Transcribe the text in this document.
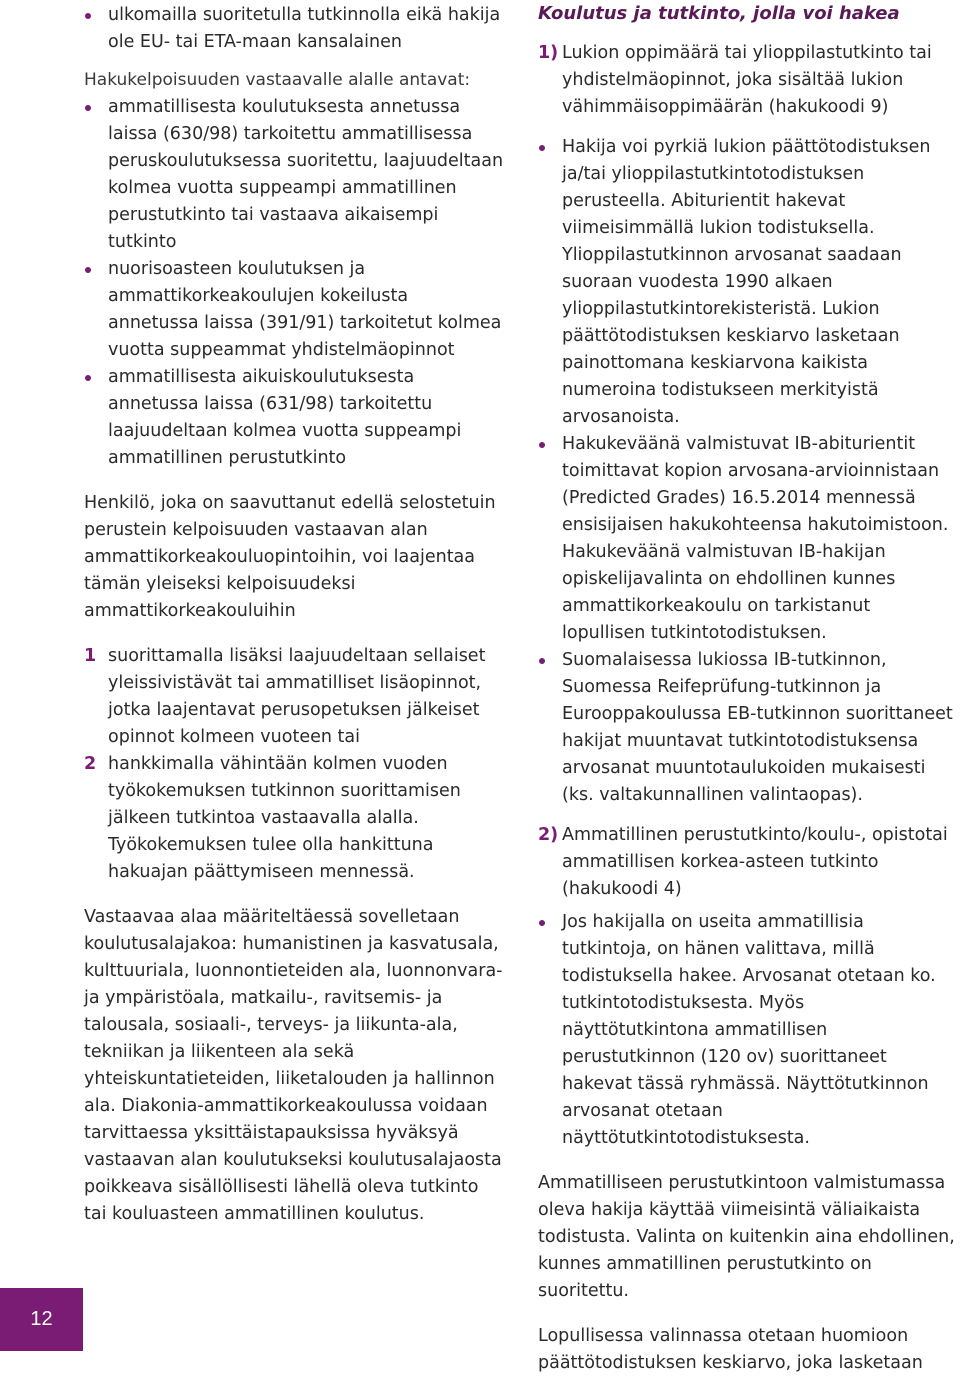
ulkomailla suoritetulla tutkinnolla eikä hakija ole EU- tai ETA-maan kansalainen

Hakukelpoisuuden vastaavalle alalle antavat:

ammatillisesta koulutuksesta annetussa laissa (630/98) tarkoitettu ammatillisessa peruskoulutuksessa suoritettu, laajuudeltaan kolmea vuotta suppeampi ammatillinen perustutkinto tai vastaava aikaisempi tutkinto
nuorisoasteen koulutuksen ja ammattikorkeakoulujen kokeilusta annetussa laissa (391/91) tarkoitetut kolmea vuotta suppeammat yhdistelmäopinnot
ammatillisesta aikuiskoulutuksesta annetussa laissa (631/98) tarkoitettu laajuudeltaan kolmea vuotta suppeampi ammatillinen perustutkinto

Henkilö, joka on saavuttanut edellä selostetuin perustein kelpoisuuden vastaavan alan ammattikorkeakouluopintoihin, voi laajentaa tämän yleiseksi kelpoisuudeksi ammattikorkeakouluihin

1 suorittamalla lisäksi laajuudeltaan sellaiset yleissivistävät tai ammatilliset lisäopinnot, jotka laajentavat perusopetuksen jälkeiset opinnot kolmeen vuoteen tai
2 hankkimalla vähintään kolmen vuoden työkokemuksen tutkinnon suorittamisen jälkeen tutkintoa vastaavalla alalla. Työkokemuksen tulee olla hankittuna hakuajan päättymiseen mennessä.

Vastaavaa alaa määriteltäessä sovelletaan koulutusalajakoa: humanistinen ja kasvatusala, kulttuuriala, luonnontieteiden ala, luonnonvara- ja ympäristöala, matkailu-, ravitsemis- ja talousala, sosiaali-, terveys- ja liikunta-ala, tekniikan ja liikenteen ala sekä yhteiskuntatieteiden, liiketalouden ja hallinnon ala. Diakonia-ammattikorkeakoulussa voidaan tarvittaessa yksittäistapauksissa hyväksyä vastaavan alan koulutukseksi koulutusalajaosta poikkeava sisällöllisesti lähellä oleva tutkinto tai kouluasteen ammatillinen koulutus.

Koulutus ja tutkinto, jolla voi hakea

1) Lukion oppimäärä tai ylioppilastutkinto tai yhdistelmäopinnot, joka sisältää lukion vähimmäisoppimäärän (hakukoodi 9)
Hakija voi pyrkiä lukion päättötodistuksen ja/tai ylioppilastutkintotodistuksen perusteella. Abiturientit hakevat viimeisimmällä lukion todistuksella. Ylioppilastutkinnon arvosanat saadaan suoraan vuodesta 1990 alkaen ylioppilastutkintorekisteristä. Lukion päättötodistuksen keskiarvo lasketaan painottomana keskiarvona kaikista numeroina todistukseen merkityistä arvosanoista.
Hakukeväänä valmistuvat IB-abiturientit toimittavat kopion arvosana-arvioinnistaan (Predicted Grades) 16.5.2014 mennessä ensisijaisen hakukohteensa hakutoimistoon. Hakukeväänä valmistuvan IB-hakijan opiskelijavalinta on ehdollinen kunnes ammattikorkeakoulu on tarkistanut lopullisen tutkintotodistuksen.
Suomalaisessa lukiossa IB-tutkinnon, Suomessa Reifeprüfung-tutkinnon ja Eurooppakoulussa EB-tutkinnon suorittaneet hakijat muuntavat tutkintotodistuksensa arvosanat muuntotaulukoiden mukaisesti (ks. valtakunnallinen valintaopas).
2) Ammatillinen perustutkinto/koulu-, opistotai ammatillisen korkea-asteen tutkinto (hakukoodi 4)
Jos hakijalla on useita ammatillisia tutkintoja, on hänen valittava, millä todistuksella hakee. Arvosanat otetaan ko. tutkintotodistuksesta. Myös näyttötutkintona ammatillisen perustutkinnon (120 ov) suorittaneet hakevat tässä ryhmässä. Näyttötutkinnon arvosanat otetaan näyttötutkintotodistuksesta.

Ammatilliseen perustutkintoon valmistumassa oleva hakija käyttää viimeisintä väliaikaista todistusta. Valinta on kuitenkin aina ehdollinen, kunnes ammatillinen perustutkinto on suoritettu.

Lopullisessa valinnassa otetaan huomioon päättötodistuksen keskiarvo, joka lasketaan

12
